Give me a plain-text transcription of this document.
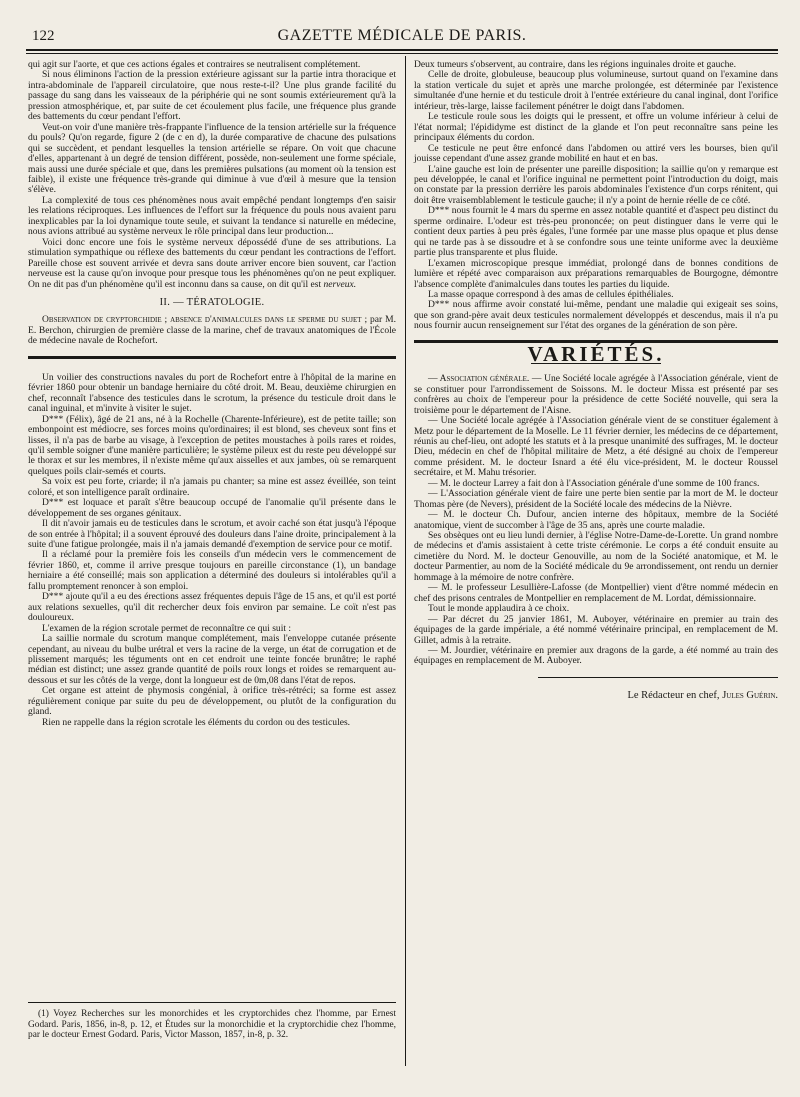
122	GAZETTE MÉDICALE DE PARIS.

qui agit sur l'aorte, et que ces actions égales et contraires se neutralisent complétement.

Si nous éliminons l'action de la pression extérieure agissant sur la partie intra thoracique et intra-abdominale de l'appareil circulatoire, que nous reste-t-il? Une plus grande facilité du passage du sang dans les vaisseaux de la périphérie qui ne sont soumis extérieurement qu'à la pression atmosphérique, et, par suite de cet écoulement plus facile, une fréquence plus grande des battements du cœur pendant l'effort.

Veut-on voir d'une manière très-frappante l'influence de la tension artérielle sur la fréquence du pouls? Qu'on regarde, figure 2 (de c en d), la durée comparative de chacune des pulsations qui se succèdent, et pendant lesquelles la tension artérielle se répare. On voit que chacune d'elles, appartenant à un degré de tension différent, possède, non-seulement une forme spéciale, mais aussi une durée spéciale et que, dans les premières pulsations (au moment où la tension est faible), il existe une fréquence très-grande qui diminue à vue d'œil à mesure que la tension s'élève.

La complexité de tous ces phénomènes nous avait empêché pendant longtemps d'en saisir les relations réciproques. Les influences de l'effort sur la fréquence du pouls nous avaient paru inexplicables par la loi dynamique toute seule, et suivant la tendance si naturelle en médecine, nous avions attribué au système nerveux le rôle principal dans leur production...

Voici donc encore une fois le système nerveux dépossédé d'une de ses attributions. La stimulation sympathique ou réflexe des battements du cœur pendant les contractions de l'effort. Pareille chose est souvent arrivée et devra sans doute arriver encore bien souvent, car l'action nerveuse est la cause qu'on invoque pour presque tous les phénomènes qu'on ne peut expliquer. On ne dit pas d'un phénomène qu'il est inconnu dans sa cause, on dit qu'il est nerveux.

II. — TÉRATOLOGIE.

Observation de cryptorchidie ; absence d'animalcules dans le sperme du sujet ; par M. E. Berchon, chirurgien de première classe de la marine, chef de travaux anatomiques de l'École de médecine navale de Rochefort.

Un voilier des constructions navales du port de Rochefort entre à l'hôpital de la marine en février 1860 pour obtenir un bandage herniaire du côté droit. M. Beau, deuxième chirurgien en chef, reconnaît l'absence des testicules dans le scrotum, la présence du testicule droit dans le canal inguinal, et m'invite à visiter le sujet.

D*** (Félix), âgé de 21 ans, né à la Rochelle (Charente-Inférieure), est de petite taille; son embonpoint est médiocre, ses forces moins qu'ordinaires; il est blond, ses cheveux sont fins et lisses, il n'a pas de barbe au visage, à l'exception de petites moustaches à poils rares et roides, qu'il semble soigner d'une manière particulière; le système pileux est du reste peu développé sur le thorax et sur les membres, il n'existe même qu'aux aisselles et aux jambes, où se remarquent quelques poils clair-semés et courts.

Sa voix est peu forte, criarde; il n'a jamais pu chanter; sa mine est assez éveillée, son teint coloré, et son intelligence paraît ordinaire.

D*** est loquace et paraît s'être beaucoup occupé de l'anomalie qu'il présente dans le développement de ses organes génitaux.

Il dit n'avoir jamais eu de testicules dans le scrotum, et avoir caché son état jusqu'à l'époque de son entrée à l'hôpital; il a souvent éprouvé des douleurs dans l'aine droite, principalement à la suite d'une fatigue prolongée, mais il n'a jamais demandé d'exemption de service pour ce motif.

Il a réclamé pour la première fois les conseils d'un médecin vers le commencement de février 1860, et, comme il arrive presque toujours en pareille circonstance (1), un bandage herniaire a été conseillé; mais son application a déterminé des douleurs si intolérables qu'il a fallu promptement renoncer à son emploi.

D*** ajoute qu'il a eu des érections assez fréquentes depuis l'âge de 15 ans, et qu'il est porté aux relations sexuelles, qu'il dit rechercher deux fois environ par semaine. Le coït n'est pas douloureux.

L'examen de la région scrotale permet de reconnaître ce qui suit :

La saillie normale du scrotum manque complétement, mais l'enveloppe cutanée présente cependant, au niveau du bulbe urétral et vers la racine de la verge, un état de corrugation et de plissement marqués; les téguments ont en cet endroit une teinte foncée brunâtre; le raphé médian est distinct; une assez grande quantité de poils roux longs et roides se remarquent au-dessous et sur les côtés de la verge, dont la longueur est de 0m,08 dans l'état de repos.

Cet organe est atteint de phymosis congénial, à orifice très-rétréci; sa forme est assez régulièrement conique par suite du peu de développement, ou plutôt de la configuration du gland.

Rien ne rappelle dans la région scrotale les éléments du cordon ou des testicules.

(1) Voyez Recherches sur les monorchides et les cryptorchides chez l'homme, par Ernest Godard. Paris, 1856, in-8, p. 12, et Études sur la monorchidie et la cryptorchidie chez l'homme, par le docteur Ernest Godard. Paris, Victor Masson, 1857, in-8, p. 32.

Deux tumeurs s'observent, au contraire, dans les régions inguinales droite et gauche.

Celle de droite, globuleuse, beaucoup plus volumineuse, surtout quand on l'examine dans la station verticale du sujet et après une marche prolongée, est déterminée par l'existence simultanée d'une hernie et du testicule droit à l'entrée extérieure du canal inginal, dont l'orifice intérieur, très-large, laisse facilement pénétrer le doigt dans l'abdomen.

Le testicule roule sous les doigts qui le pressent, et offre un volume inférieur à celui de l'état normal; l'épididyme est distinct de la glande et l'on peut reconnaître sans peine les principaux éléments du cordon.

Ce testicule ne peut être enfoncé dans l'abdomen ou attiré vers les bourses, bien qu'il jouisse cependant d'une assez grande mobilité en haut et en bas.

L'aine gauche est loin de présenter une pareille disposition; la saillie qu'on y remarque est peu développée, le canal et l'orifice inguinal ne permettent point l'introduction du doigt, mais on constate par la pression derrière les parois abdominales l'existence d'un corps rénitent, qui doit être vraisemblablement le testicule gauche; il n'y a point de hernie réelle de ce côté.

D*** nous fournit le 4 mars du sperme en assez notable quantité et d'aspect peu distinct du sperme ordinaire. L'odeur est très-peu prononcée; on peut distinguer dans le verre qui le contient deux parties à peu près égales, l'une formée par une masse plus opaque et plus dense qui ne tarde pas à se dissoudre et à se confondre sous une teinte uniforme avec la deuxième partie plus transparente et plus fluide.

L'examen microscopique presque immédiat, prolongé dans de bonnes conditions de lumière et répété avec comparaison aux préparations remarquables de Bourgogne, démontre l'absence complète d'animalcules dans toutes les parties du liquide.

La masse opaque correspond à des amas de cellules épithéliales.

D*** nous affirme avoir constaté lui-même, pendant une maladie qui exigeait ses soins, que son grand-père avait deux testicules normalement développés et descendus, mais il n'a pu nous fournir aucun renseignement sur l'état des organes de la génération de son père.

VARIÉTÉS.

— Association générale. — Une Société locale agrégée à l'Association générale, vient de se constituer pour l'arrondissement de Soissons. M. le docteur Missa est présenté par ses confrères au choix de l'empereur pour la présidence de cette Société nouvelle, qui sera la troisième pour le département de l'Aisne.

— Une Société locale agrégée à l'Association générale vient de se constituer également à Metz pour le département de la Moselle. Le 11 février dernier, les médecins de ce département, réunis au chef-lieu, ont adopté les statuts et à la presque unanimité des suffrages, M. le docteur Dieu, médecin en chef de l'hôpital militaire de Metz, a été désigné au choix de l'empereur comme président. M. le docteur Isnard a été élu vice-président, M. le docteur Roussel secrétaire, et M. Mahu trésorier.

— M. le docteur Larrey a fait don à l'Association générale d'une somme de 100 francs.

— L'Association générale vient de faire une perte bien sentie par la mort de M. le docteur Thomas père (de Nevers), président de la Société locale des médecins de la Nièvre.

— M. le docteur Ch. Dufour, ancien interne des hôpitaux, membre de la Société anatomique, vient de succomber à l'âge de 35 ans, après une courte maladie.

Ses obsèques ont eu lieu lundi dernier, à l'église Notre-Dame-de-Lorette. Un grand nombre de médecins et d'amis assistaient à cette triste cérémonie. Le corps a été conduit ensuite au cimetière du Nord. M. le docteur Genouville, au nom de la Société anatomique, et M. le docteur Parmentier, au nom de la Société médicale du 9e arrondissement, ont rendu un dernier hommage à la mémoire de notre confrère.

— M. le professeur Lesullière-Lafosse (de Montpellier) vient d'être nommé médecin en chef des prisons centrales de Montpellier en remplacement de M. Lordat, démissionnaire.

Tout le monde applaudira à ce choix.

— Par décret du 25 janvier 1861, M. Auboyer, vétérinaire en premier au train des équipages de la garde impériale, a été nommé vétérinaire principal, en remplacement de M. Gillet, admis à la retraite.

— M. Jourdier, vétérinaire en premier aux dragons de la garde, a été nommé au train des équipages en remplacement de M. Auboyer.

Le Rédacteur en chef, Jules Guérin.
